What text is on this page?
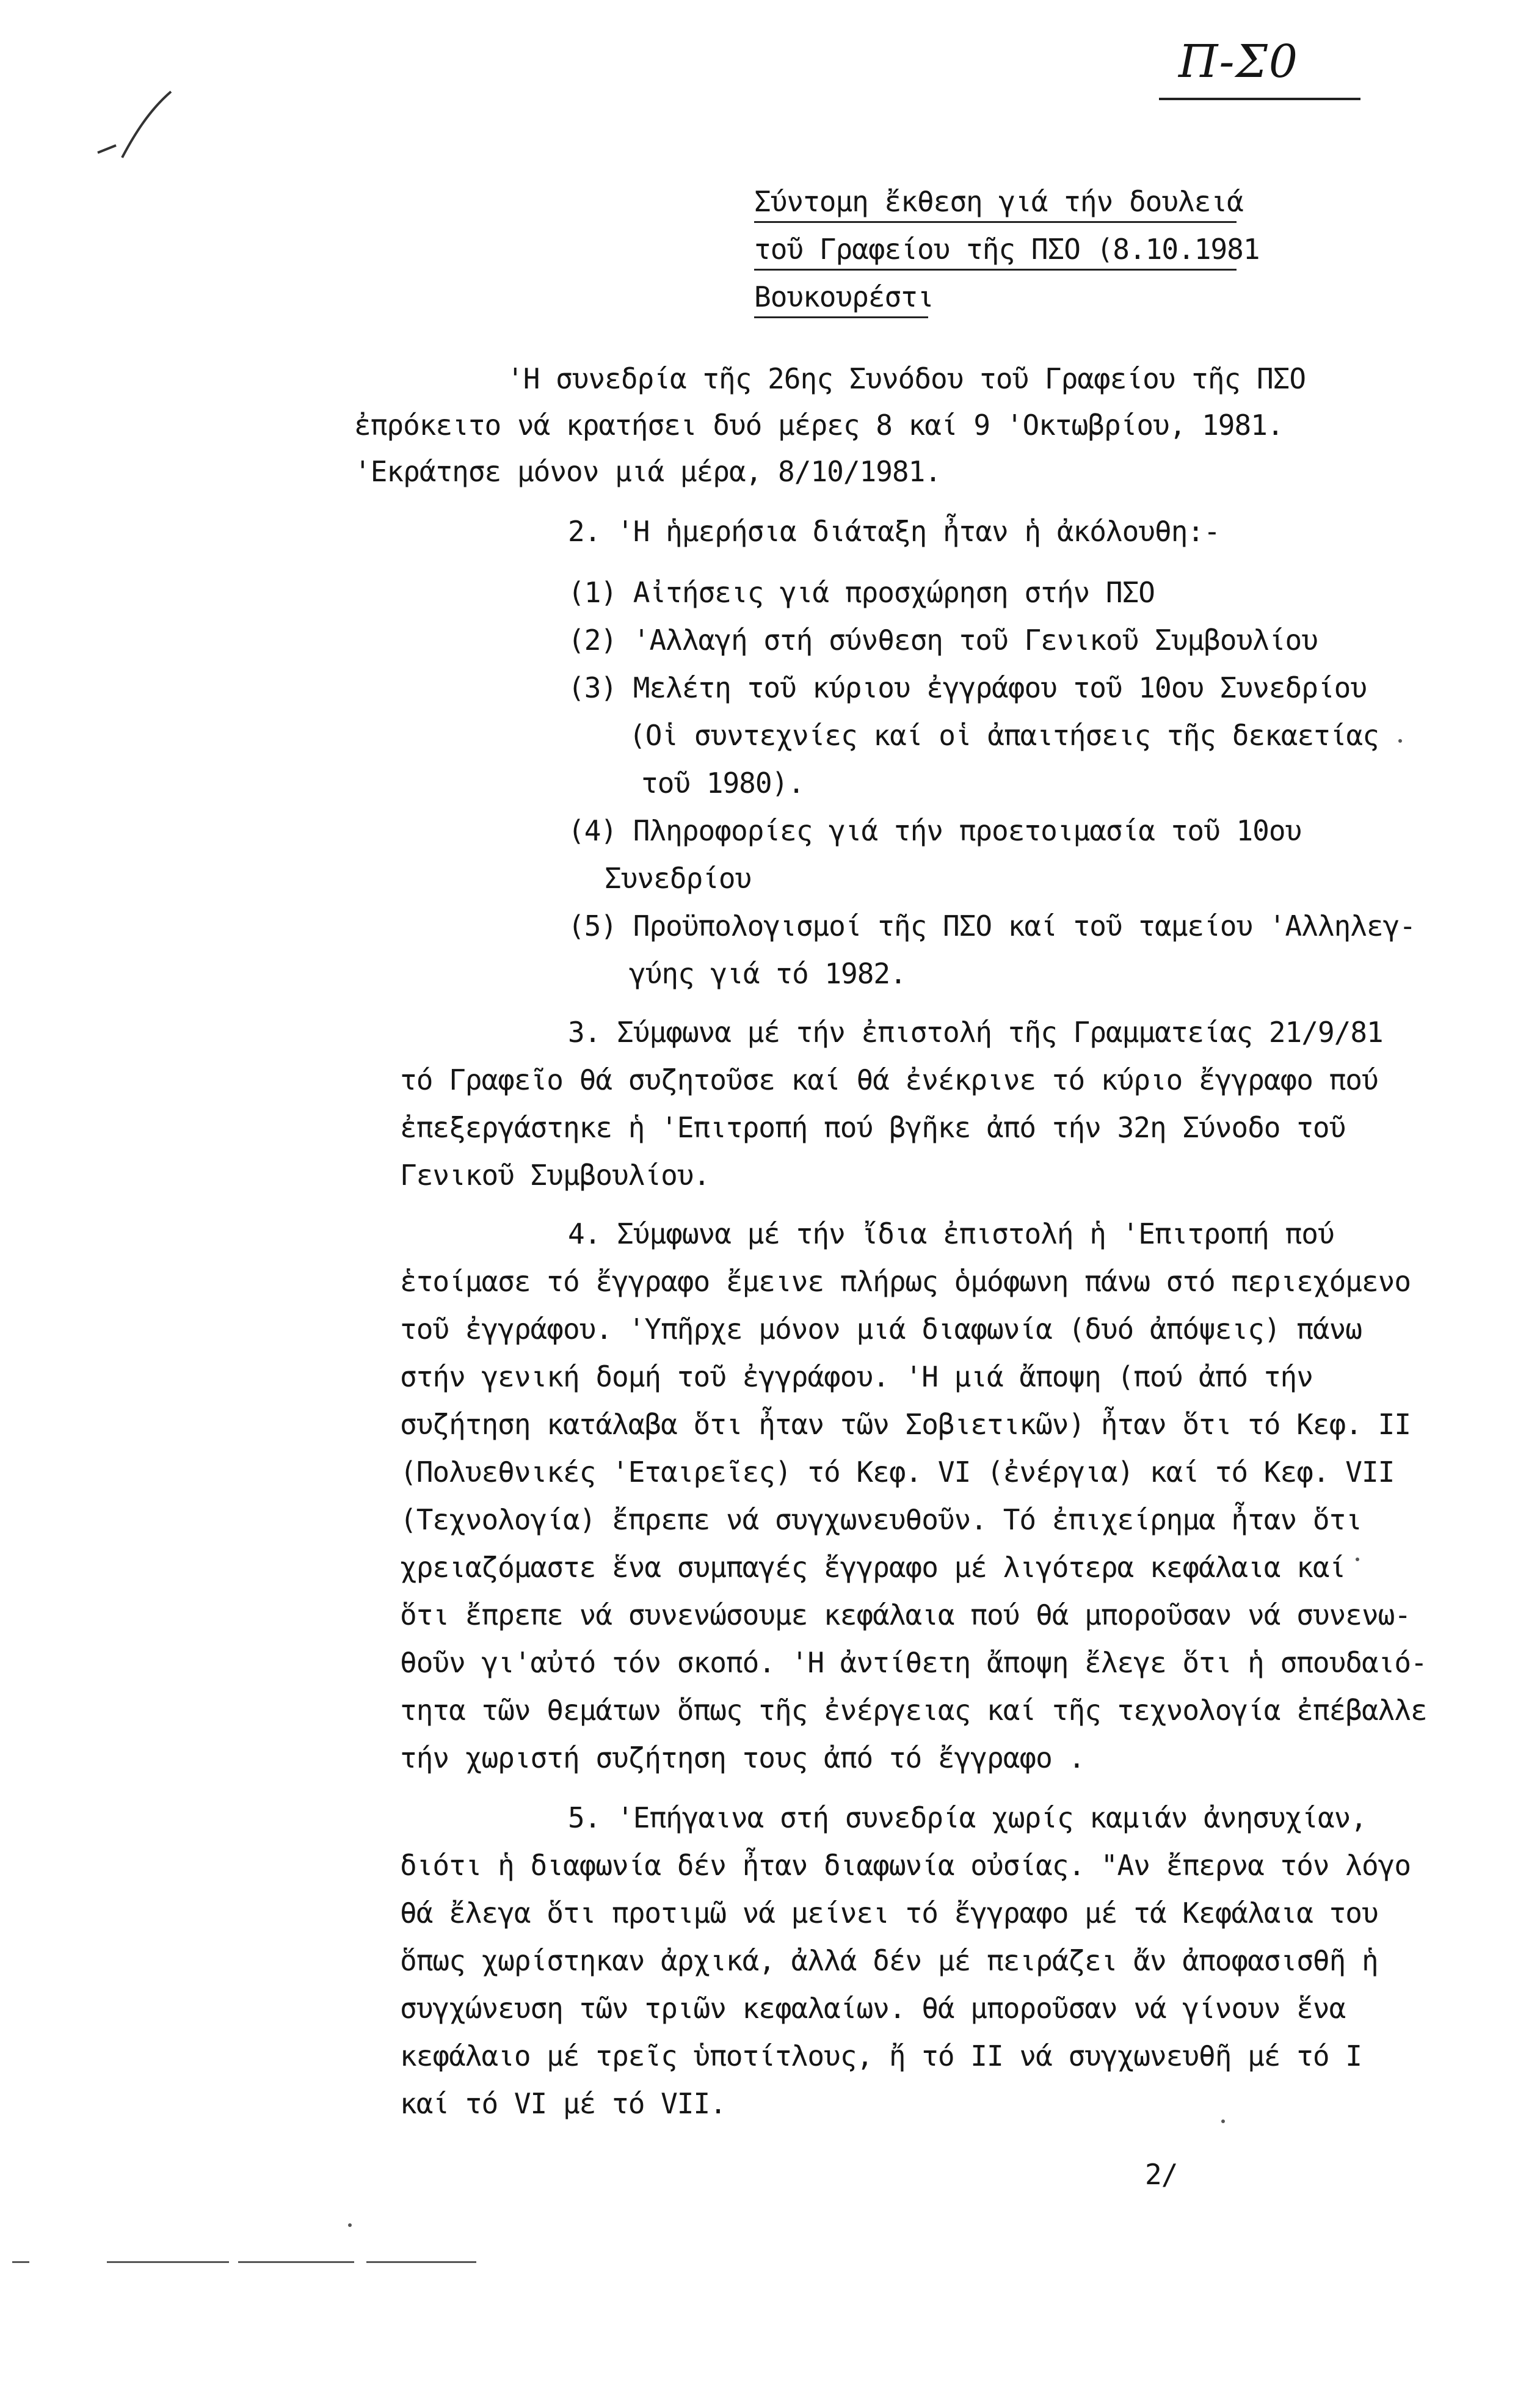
Π-Σ0
Σύντομη ἔκθεση γιά τήν δουλειά
τοῦ Γραφείου τῆς ΠΣΟ (8.10.1981
Βουκουρέστι
'Η συνεδρία τῆς 26ης Συνόδου τοῦ Γραφείου τῆς ΠΣΟ
ἐπρόκειτο νά κρατήσει δυό μέρες 8 καί 9 'Οκτωβρίου, 1981.
'Εκράτησε μόνον μιά μέρα, 8/10/1981.
2. 'Η ἡμερήσια διάταξη ἦταν ἡ ἀκόλουθη:-
(1) Αἰτήσεις γιά προσχώρηση στήν ΠΣΟ
(2) 'Αλλαγή στή σύνθεση τοῦ Γενικοῦ Συμβουλίου
(3) Μελέτη τοῦ κύριου ἐγγράφου τοῦ 10ου Συνεδρίου
(Οἱ συντεχνίες καί οἱ ἀπαιτήσεις τῆς δεκαετίας
τοῦ 1980).
(4) Πληροφορίες γιά τήν προετοιμασία τοῦ 10ου
Συνεδρίου
(5) Προϋπολογισμοί τῆς ΠΣΟ καί τοῦ ταμείου 'Αλληλεγ-
γύης γιά τό 1982.
3. Σύμφωνα μέ τήν ἐπιστολή τῆς Γραμματείας 21/9/81
τό Γραφεῖο θά συζητοῦσε καί θά ἐνέκρινε τό κύριο ἔγγραφο πού
ἐπεξεργάστηκε ἡ 'Επιτροπή πού βγῆκε ἀπό τήν 32η Σύνοδο τοῦ
Γενικοῦ Συμβουλίου.
4. Σύμφωνα μέ τήν ἴδια ἐπιστολή ἡ 'Επιτροπή πού
ἑτοίμασε τό ἔγγραφο ἔμεινε πλήρως ὁμόφωνη πάνω στό περιεχόμενο
τοῦ ἐγγράφου. 'Υπῆρχε μόνον μιά διαφωνία (δυό ἀπόψεις) πάνω
στήν γενική δομή τοῦ ἐγγράφου. 'Η μιά ἄποψη (πού ἀπό τήν
συζήτηση κατάλαβα ὅτι ἦταν τῶν Σοβιετικῶν) ἦταν ὅτι τό Κεφ. ΙΙ
(Πολυεθνικές 'Εταιρεῖες) τό Κεφ. VI (ἐνέργια) καί τό Κεφ. VII
(Τεχνολογία) ἔπρεπε νά συγχωνευθοῦν. Τό ἐπιχείρημα ἦταν ὅτι
χρειαζόμαστε ἕνα συμπαγές ἔγγραφο μέ λιγότερα κεφάλαια καί
ὅτι ἔπρεπε νά συνενώσουμε κεφάλαια πού θά μποροῦσαν νά συνενω-
θοῦν γι'αὐτό τόν σκοπό. 'Η ἀντίθετη ἄποψη ἔλεγε ὅτι ἡ σπουδαιό-
τητα τῶν θεμάτων ὅπως τῆς ἐνέργειας καί τῆς τεχνολογία ἐπέβαλλε
τήν χωριστή συζήτηση τους ἀπό τό ἔγγραφο .
5. 'Επήγαινα στή συνεδρία χωρίς καμιάν ἀνησυχίαν,
διότι ἡ διαφωνία δέν ἦταν διαφωνία οὐσίας. "Αν ἔπερνα τόν λόγο
θά ἔλεγα ὅτι προτιμῶ νά μείνει τό ἔγγραφο μέ τά Κεφάλαια του
ὅπως χωρίστηκαν ἀρχικά, ἀλλά δέν μέ πειράζει ἄν ἀποφασισθῆ ἡ
συγχώνευση τῶν τριῶν κεφαλαίων. θά μποροῦσαν νά γίνουν ἕνα
κεφάλαιο μέ τρεῖς ὑποτίτλους, ἤ τό ΙΙ νά συγχωνευθῆ μέ τό Ι
καί τό VI μέ τό VII.
2/
